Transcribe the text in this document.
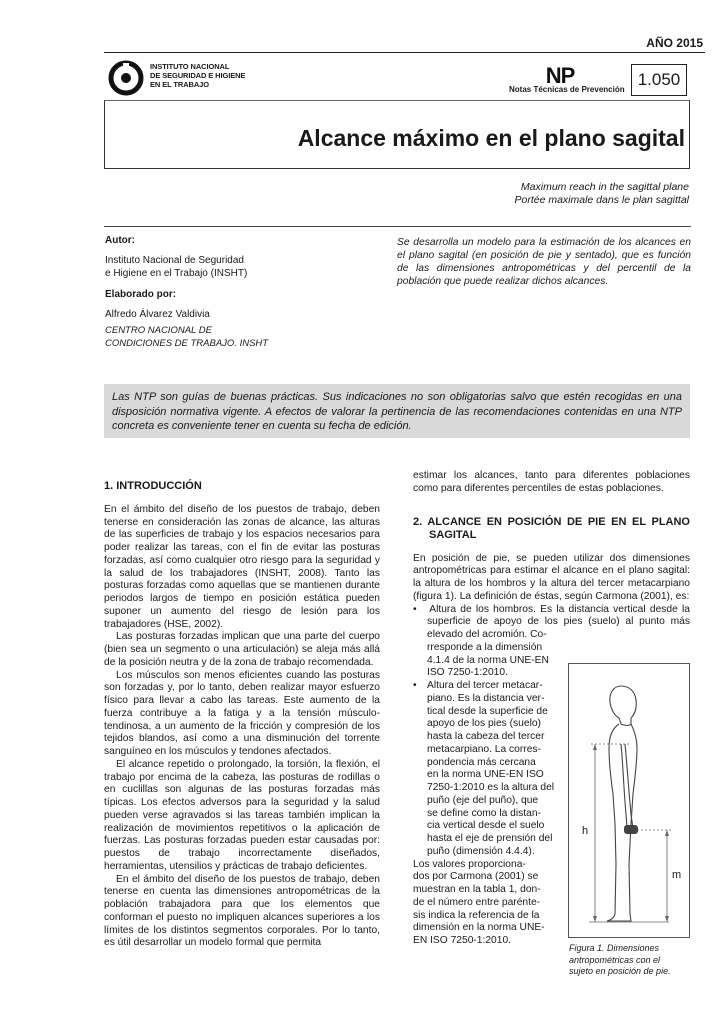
AÑO 2015
INSTITUTO NACIONAL
DE SEGURIDAD E HIGIENE
EN EL TRABAJO	NP
Notas Técnicas de Prevención
1.050
Alcance máximo en el plano sagital
Maximum reach in the sagittal plane
Portée maximale dans le plan sagittal
Autor:
Instituto Nacional de Seguridad
e Higiene en el Trabajo (INSHT)
Elaborado por:
Alfredo Álvarez Valdivia
CENTRO NACIONAL DE
CONDICIONES DE TRABAJO. INSHT
Se desarrolla un modelo para la estimación de los alcances en el plano sagital (en posición de pie y sentado), que es función de las dimensiones antropométricas y del percentil de la población que puede realizar dichos alcances.
Las NTP son guías de buenas prácticas. Sus indicaciones no son obligatorias salvo que estén recogidas en una disposición normativa vigente. A efectos de valorar la pertinencia de las recomendaciones contenidas en una NTP concreta es conveniente tener en cuenta su fecha de edición.
1. INTRODUCCIÓN

En el ámbito del diseño de los puestos de trabajo, deben tenerse en consideración las zonas de alcance, las alturas de las superficies de trabajo y los espacios necesarios para poder realizar las tareas, con el fin de evitar las posturas forzadas, así como cualquier otro riesgo para la seguridad y la salud de los trabajadores (INSHT, 2008). Tanto las posturas forzadas como aquellas que se mantienen durante periodos largos de tiempo en posición estática pueden suponer un aumento del riesgo de lesión para los trabajadores (HSE, 2002).

Las posturas forzadas implican que una parte del cuerpo (bien sea un segmento o una articulación) se aleja más allá de la posición neutra y de la zona de trabajo recomendada.

Los músculos son menos eficientes cuando las posturas son forzadas y, por lo tanto, deben realizar mayor esfuerzo físico para llevar a cabo las tareas. Este aumento de la fuerza contribuye a la fatiga y a la tensión músculo-tendinosa, a un aumento de la fricción y compresión de los tejidos blandos, así como a una disminución del torrente sanguíneo en los músculos y tendones afectados.

El alcance repetido o prolongado, la torsión, la flexión, el trabajo por encima de la cabeza, las posturas de rodillas o en cuclillas son algunas de las posturas forzadas más típicas. Los efectos adversos para la seguridad y la salud pueden verse agravados si las tareas también implican la realización de movimientos repetitivos o la aplicación de fuerzas. Las posturas forzadas pueden estar causadas por: puestos de trabajo incorrectamente diseñados, herramientas, utensilios y prácticas de trabajo deficientes.

En el ámbito del diseño de los puestos de trabajo, deben tenerse en cuenta las dimensiones antropométricas de la población trabajadora para que los elementos que conforman el puesto no impliquen alcances superiores a los límites de los distintos segmentos corporales. Por lo tanto, es útil desarrollar un modelo formal que permita

estimar los alcances, tanto para diferentes poblaciones como para diferentes percentiles de estas poblaciones.

2. ALCANCE EN POSICIÓN DE PIE EN EL PLANO SAGITAL

En posición de pie, se pueden utilizar dos dimensiones antropométricas para estimar el alcance en el plano sagital: la altura de los hombros y la altura del tercer metacarpiano (figura 1). La definición de éstas, según Carmona (2001), es:

•   Altura de los hombros. Es la distancia vertical desde la superficie de apoyo de los pies (suelo) al punto más elevado del acromión. Co-
rresponde a la dimensión
4.1.4 de la norma UNE-EN
ISO 7250-1:2010.
• Altura del tercer metacar-
piano. Es la distancia ver-
tical desde la superficie de
apoyo de los pies (suelo)
hasta la cabeza del tercer
metacarpiano. La corres-
pondencia más cercana
en la norma UNE-EN ISO
7250-1:2010 es la altura del
puño (eje del puño), que
se define como la distan-
cia vertical desde el suelo
hasta el eje de prensión del
puño (dimensión 4.4.4).
Los valores proporciona-
dos por Carmona (2001) se
muestran en la tabla 1, don-
de el número entre parénte-
sis indica la referencia de la
dimensión en la norma UNE-
EN ISO 7250-1:2010.
h
m
Figura 1. Dimensiones
antropométricas con el
sujeto en posición de pie.
